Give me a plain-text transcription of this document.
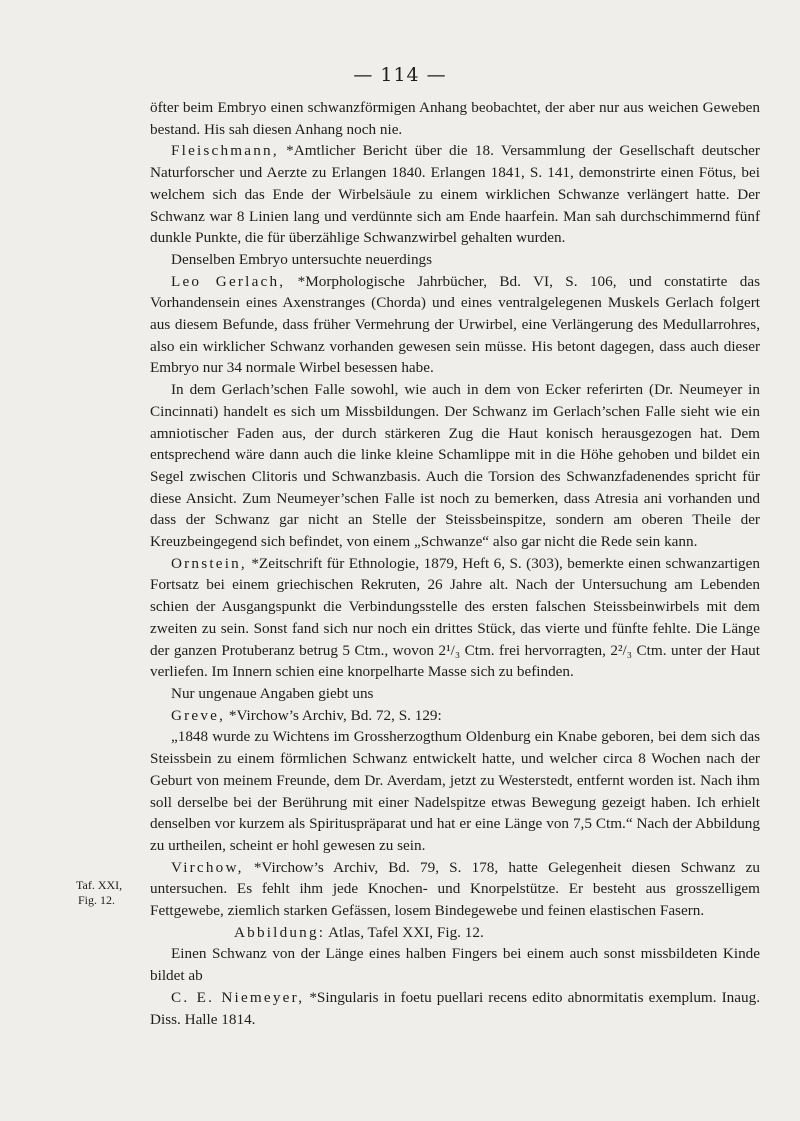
— 114 —
Taf. XXI,
Fig. 12.

öfter beim Embryo einen schwanzförmigen Anhang beobachtet, der aber nur aus weichen Geweben bestand. His sah diesen Anhang noch nie.

Fleischmann, *Amtlicher Bericht über die 18. Versammlung der Gesellschaft deutscher Naturforscher und Aerzte zu Erlangen 1840. Erlangen 1841, S. 141, demonstrirte einen Fötus, bei welchem sich das Ende der Wirbelsäule zu einem wirklichen Schwanze verlängert hatte. Der Schwanz war 8 Linien lang und verdünnte sich am Ende haarfein. Man sah durchschimmernd fünf dunkle Punkte, die für überzählige Schwanzwirbel gehalten wurden.

Denselben Embryo untersuchte neuerdings

Leo Gerlach, *Morphologische Jahrbücher, Bd. VI, S. 106, und constatirte das Vorhandensein eines Axenstranges (Chorda) und eines ventralgelegenen Muskels Gerlach folgert aus diesem Befunde, dass früher Vermehrung der Urwirbel, eine Verlängerung des Medullarrohres, also ein wirklicher Schwanz vorhanden gewesen sein müsse. His betont dagegen, dass auch dieser Embryo nur 34 normale Wirbel besessen habe.

In dem Gerlach’schen Falle sowohl, wie auch in dem von Ecker referirten (Dr. Neumeyer in Cincinnati) handelt es sich um Missbildungen. Der Schwanz im Gerlach’schen Falle sieht wie ein amniotischer Faden aus, der durch stärkeren Zug die Haut konisch herausgezogen hat. Dem entsprechend wäre dann auch die linke kleine Schamlippe mit in die Höhe gehoben und bildet ein Segel zwischen Clitoris und Schwanzbasis. Auch die Torsion des Schwanzfadenendes spricht für diese Ansicht. Zum Neumeyer’schen Falle ist noch zu bemerken, dass Atresia ani vorhanden und dass der Schwanz gar nicht an Stelle der Steissbeinspitze, sondern am oberen Theile der Kreuzbeingegend sich befindet, von einem „Schwanze“ also gar nicht die Rede sein kann.

Ornstein, *Zeitschrift für Ethnologie, 1879, Heft 6, S. (303), bemerkte einen schwanzartigen Fortsatz bei einem griechischen Rekruten, 26 Jahre alt. Nach der Untersuchung am Lebenden schien der Ausgangspunkt die Verbindungsstelle des ersten falschen Steissbeinwirbels mit dem zweiten zu sein. Sonst fand sich nur noch ein drittes Stück, das vierte und fünfte fehlte. Die Länge der ganzen Protuberanz betrug 5 Ctm., wovon 2¹/₃ Ctm. frei hervorragten, 2²/₃ Ctm. unter der Haut verliefen. Im Innern schien eine knorpelharte Masse sich zu befinden.

Nur ungenaue Angaben giebt uns

Greve, *Virchow’s Archiv, Bd. 72, S. 129:

„1848 wurde zu Wichtens im Grossherzogthum Oldenburg ein Knabe geboren, bei dem sich das Steissbein zu einem förmlichen Schwanz entwickelt hatte, und welcher circa 8 Wochen nach der Geburt von meinem Freunde, dem Dr. Averdam, jetzt zu Westerstedt, entfernt worden ist. Nach ihm soll derselbe bei der Berührung mit einer Nadelspitze etwas Bewegung gezeigt haben. Ich erhielt denselben vor kurzem als Spirituspräparat und hat er eine Länge von 7,5 Ctm.“ Nach der Abbildung zu urtheilen, scheint er hohl gewesen zu sein.

Virchow, *Virchow’s Archiv, Bd. 79, S. 178, hatte Gelegenheit diesen Schwanz zu untersuchen. Es fehlt ihm jede Knochen- und Knorpelstütze. Er besteht aus grosszelligem Fettgewebe, ziemlich starken Gefässen, losem Bindegewebe und feinen elastischen Fasern.

Abbildung: Atlas, Tafel XXI, Fig. 12.

Einen Schwanz von der Länge eines halben Fingers bei einem auch sonst missbildeten Kinde bildet ab

C. E. Niemeyer, *Singularis in foetu puellari recens edito abnormitatis exemplum. Inaug. Diss. Halle 1814.
